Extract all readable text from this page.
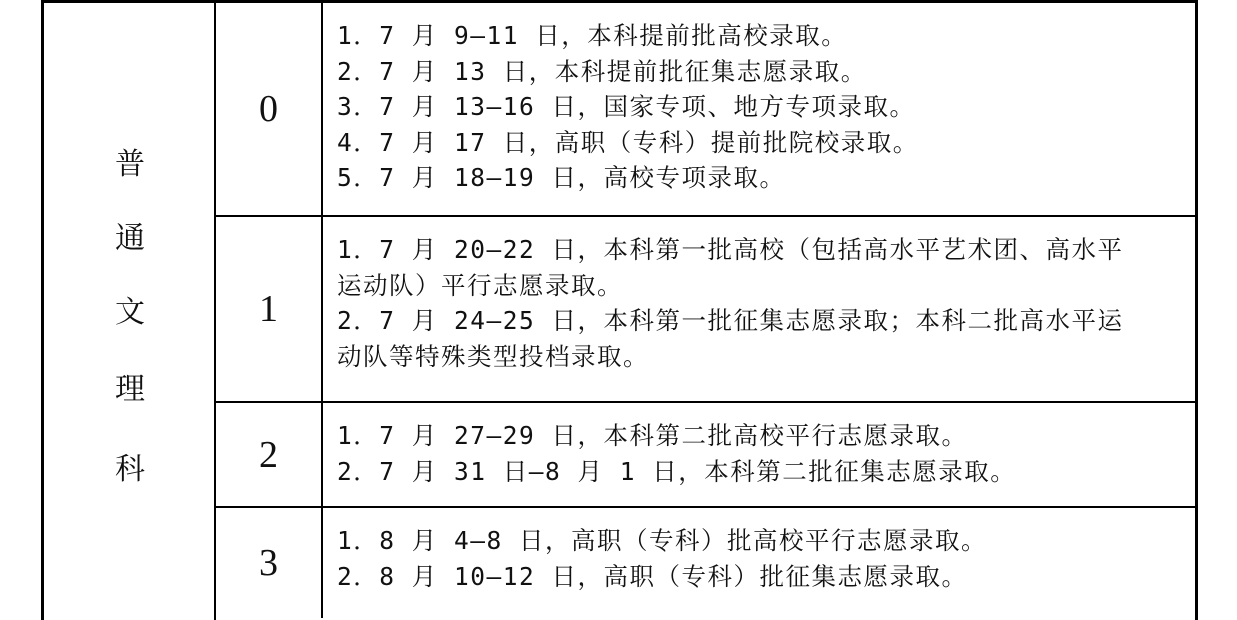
普
通
文
理
科
0
1．7 月 9–11 日，本科提前批高校录取。
2．7 月 13 日，本科提前批征集志愿录取。
3．7 月 13–16 日，国家专项、地方专项录取。
4．7 月 17 日，高职（专科）提前批院校录取。
5．7 月 18–19 日，高校专项录取。
1
1．7 月 20–22 日，本科第一批高校（包括高水平艺术团、高水平
运动队）平行志愿录取。
2．7 月 24–25 日，本科第一批征集志愿录取；本科二批高水平运
动队等特殊类型投档录取。
2	1．7 月 27–29 日，本科第二批高校平行志愿录取。
2．7 月 31 日–8 月 1 日，本科第二批征集志愿录取。
3
1．8 月 4–8 日，高职（专科）批高校平行志愿录取。
2．8 月 10–12 日，高职（专科）批征集志愿录取。
